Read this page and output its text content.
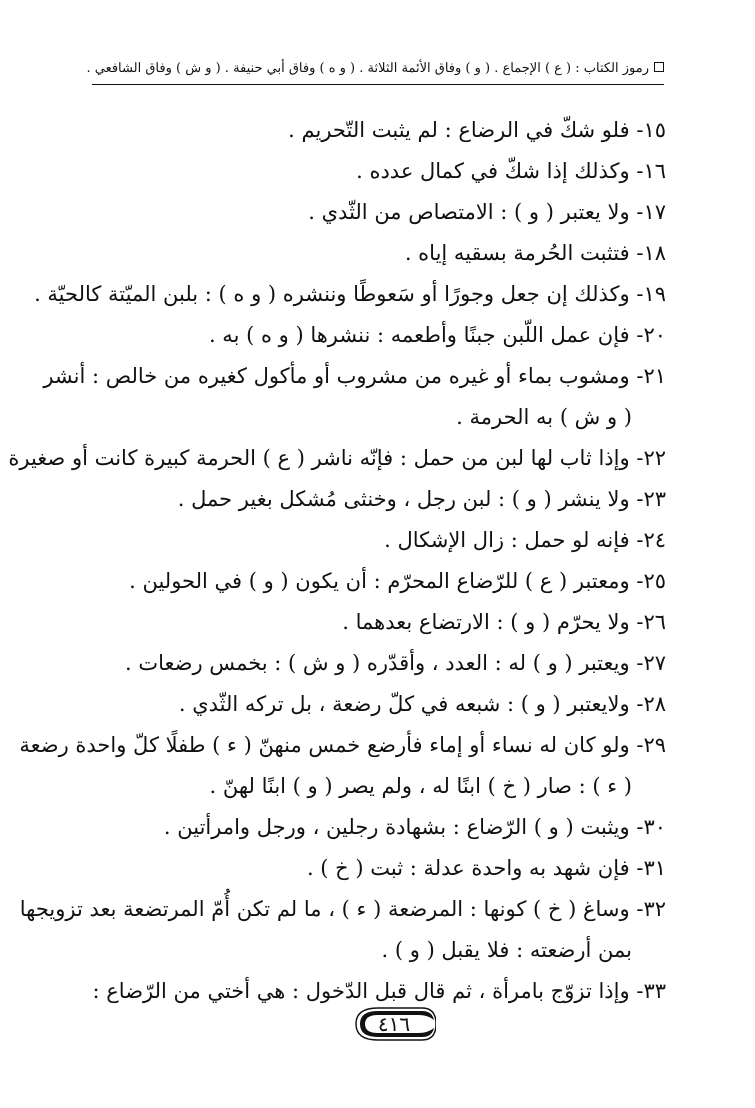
رموز الكتاب : ( ع ) الإجماع . ( و ) وفاق الأئمة الثلاثة . ( و ه ) وفاق أبي حنيفة . ( و ش ) وفاق الشافعي .
١٥- فلو شكّ في الرضاع : لم يثبت التّحريم .
١٦- وكذلك إذا شكّ في كمال عدده .
١٧- ولا يعتبر ( و ) : الامتصاص من الثّدي .
١٨- فتثبت الحُرمة بسقيه إياه .
١٩- وكذلك إن جعل وجورًا أو سَعوطًا وننشره ( و ه ) : بلبن الميّتة كالحيّة .
٢٠- فإن عمل اللّبن جبنًا وأطعمه : ننشرها ( و ه ) به .
٢١- ومشوب بماء أو غيره من مشروب أو مأكول كغيره من خالص : أنشر
( و ش ) به الحرمة .
٢٢- وإذا ثاب لها لبن من حمل : فإنّه ناشر ( ع ) الحرمة كبيرة كانت أو صغيرة
٢٣- ولا ينشر ( و ) : لبن رجل ، وخنثى مُشكل بغير حمل .
٢٤- فإنه لو حمل : زال الإشكال .
٢٥- ومعتبر ( ع ) للرّضاع المحرّم : أن يكون ( و ) في الحولين .
٢٦- ولا يحرّم ( و ) : الارتضاع بعدهما .
٢٧- ويعتبر ( و ) له : العدد ، وأقدّره ( و ش ) : بخمس رضعات .
٢٨- ولايعتبر ( و ) : شبعه في كلّ رضعة ، بل تركه الثّدي .
٢٩- ولو كان له نساء أو إماء فأرضع خمس منهنّ ( ء ) طفلًا كلّ واحدة رضعة
( ء ) : صار ( خ ) ابنًا له ، ولم يصر ( و ) ابنًا لهنّ .
٣٠- ويثبت ( و ) الرّضاع : بشهادة رجلين ، ورجل وامرأتين .
٣١- فإن شهد به واحدة عدلة : ثبت ( خ ) .
٣٢- وساغ ( خ ) كونها : المرضعة ( ء ) ، ما لم تكن أُمّ المرتضعة بعد تزويجها
بمن أرضعته : فلا يقبل ( و ) .
٣٣- وإذا تزوّج بامرأة ، ثم قال قبل الدّخول : هي أختي من الرّضاع :
٤١٦
